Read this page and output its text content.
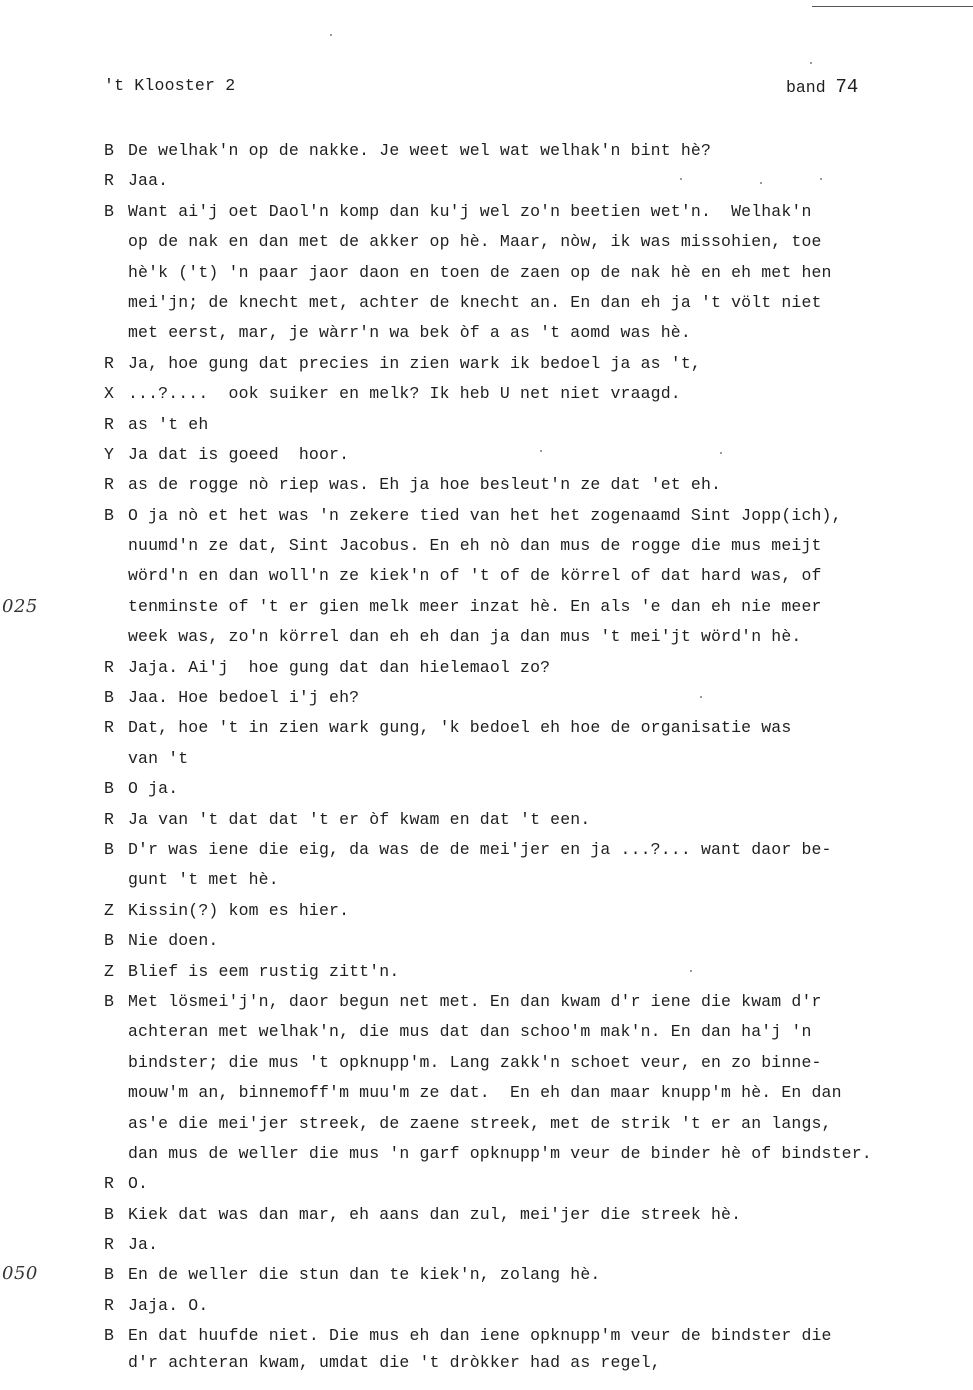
't Klooster 2	band 74
025
050
B De welhak'n op de nakke. Je weet wel wat welhak'n bint hè?
R Jaa.
B Want ai'j oet Daol'n komp dan ku'j wel zo'n beetien wet'n.  Welhak'n
op de nak en dan met de akker op hè. Maar, nòw, ik was missohien, toe
hè'k ('t) 'n paar jaor daon en toen de zaen op de nak hè en eh met hen
mei'jn; de knecht met, achter de knecht an. En dan eh ja 't völt niet
met eerst, mar, je wàrr'n wa bek òf a as 't aomd was hè.
R Ja, hoe gung dat precies in zien wark ik bedoel ja as 't,
X ...?....  ook suiker en melk? Ik heb U net niet vraagd.
R as 't eh
Y Ja dat is goeed  hoor.
R as de rogge nò riep was. Eh ja hoe besleut'n ze dat 'et eh.
B O ja nò et het was 'n zekere tied van het het zogenaamd Sint Jopp(ich),
nuumd'n ze dat, Sint Jacobus. En eh nò dan mus de rogge die mus meijt
wörd'n en dan woll'n ze kiek'n of 't of de körrel of dat hard was, of
tenminste of 't er gien melk meer inzat hè. En als 'e dan eh nie meer
week was, zo'n körrel dan eh eh dan ja dan mus 't mei'jt wörd'n hè.
R Jaja. Ai'j  hoe gung dat dan hielemaol zo?
B Jaa. Hoe bedoel i'j eh?
R Dat, hoe 't in zien wark gung, 'k bedoel eh hoe de organisatie was
van 't
B O ja.
R Ja van 't dat dat 't er òf kwam en dat 't een.
B D'r was iene die eig, da was de de mei'jer en ja ...?... want daor be-
gunt 't met hè.
Z Kissin(?) kom es hier.
B Nie doen.
Z Blief is eem rustig zitt'n.
B Met lösmei'j'n, daor begun net met. En dan kwam d'r iene die kwam d'r
achteran met welhak'n, die mus dat dan schoo'm mak'n. En dan ha'j 'n
bindster; die mus 't opknupp'm. Lang zakk'n schoet veur, en zo binne-
mouw'm an, binnemoff'm muu'm ze dat.  En eh dan maar knupp'm hè. En dan
as'e die mei'jer streek, de zaene streek, met de strik 't er an langs,
dan mus de weller die mus 'n garf opknupp'm veur de binder hè of bindster.
R O.
B Kiek dat was dan mar, eh aans dan zul, mei'jer die streek hè.
R Ja.
B En de weller die stun dan te kiek'n, zolang hè.
R Jaja. O.
B En dat huufde niet. Die mus eh dan iene opknupp'm veur de bindster die
d'r achteran kwam, umdat die 't dròkker had as regel,
